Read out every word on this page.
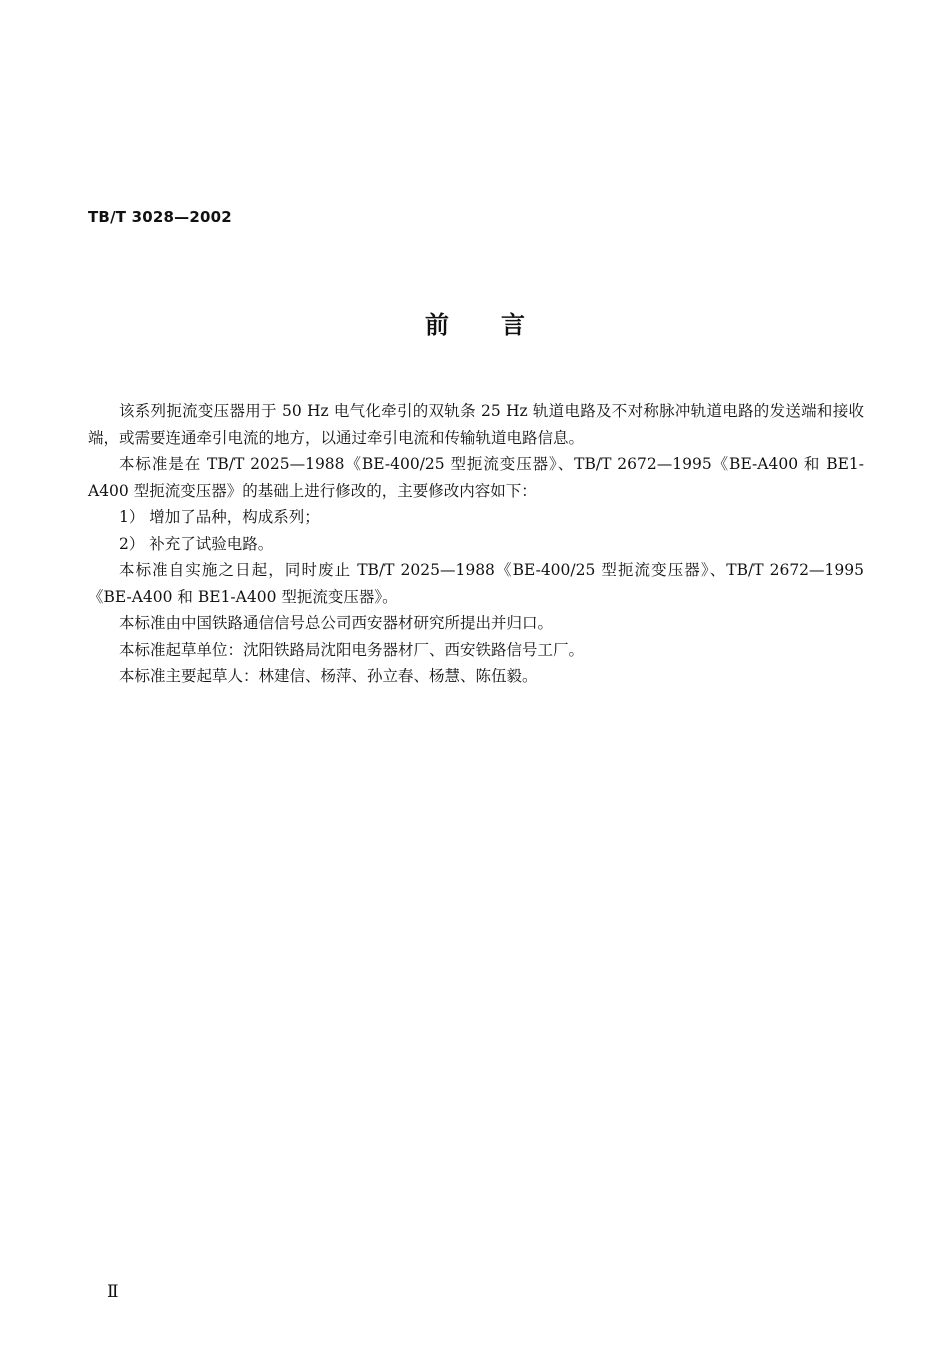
TB/T 3028—2002
前言

该系列扼流变压器用于 50 Hz 电气化牵引的双轨条 25 Hz 轨道电路及不对称脉冲轨道电路的发送端和接收端，或需要连通牵引电流的地方，以通过牵引电流和传输轨道电路信息。

本标准是在 TB/T 2025—1988《BE-400/25 型扼流变压器》、TB/T 2672—1995《BE-A400 和 BE1-A400 型扼流变压器》的基础上进行修改的，主要修改内容如下：

1） 增加了品种，构成系列；

2） 补充了试验电路。

本标准自实施之日起，同时废止 TB/T 2025—1988《BE-400/25 型扼流变压器》、TB/T 2672—1995《BE-A400 和 BE1-A400 型扼流变压器》。

本标准由中国铁路通信信号总公司西安器材研究所提出并归口。

本标准起草单位：沈阳铁路局沈阳电务器材厂、西安铁路信号工厂。

本标准主要起草人：林建信、杨萍、孙立春、杨慧、陈伍毅。

Ⅱ
